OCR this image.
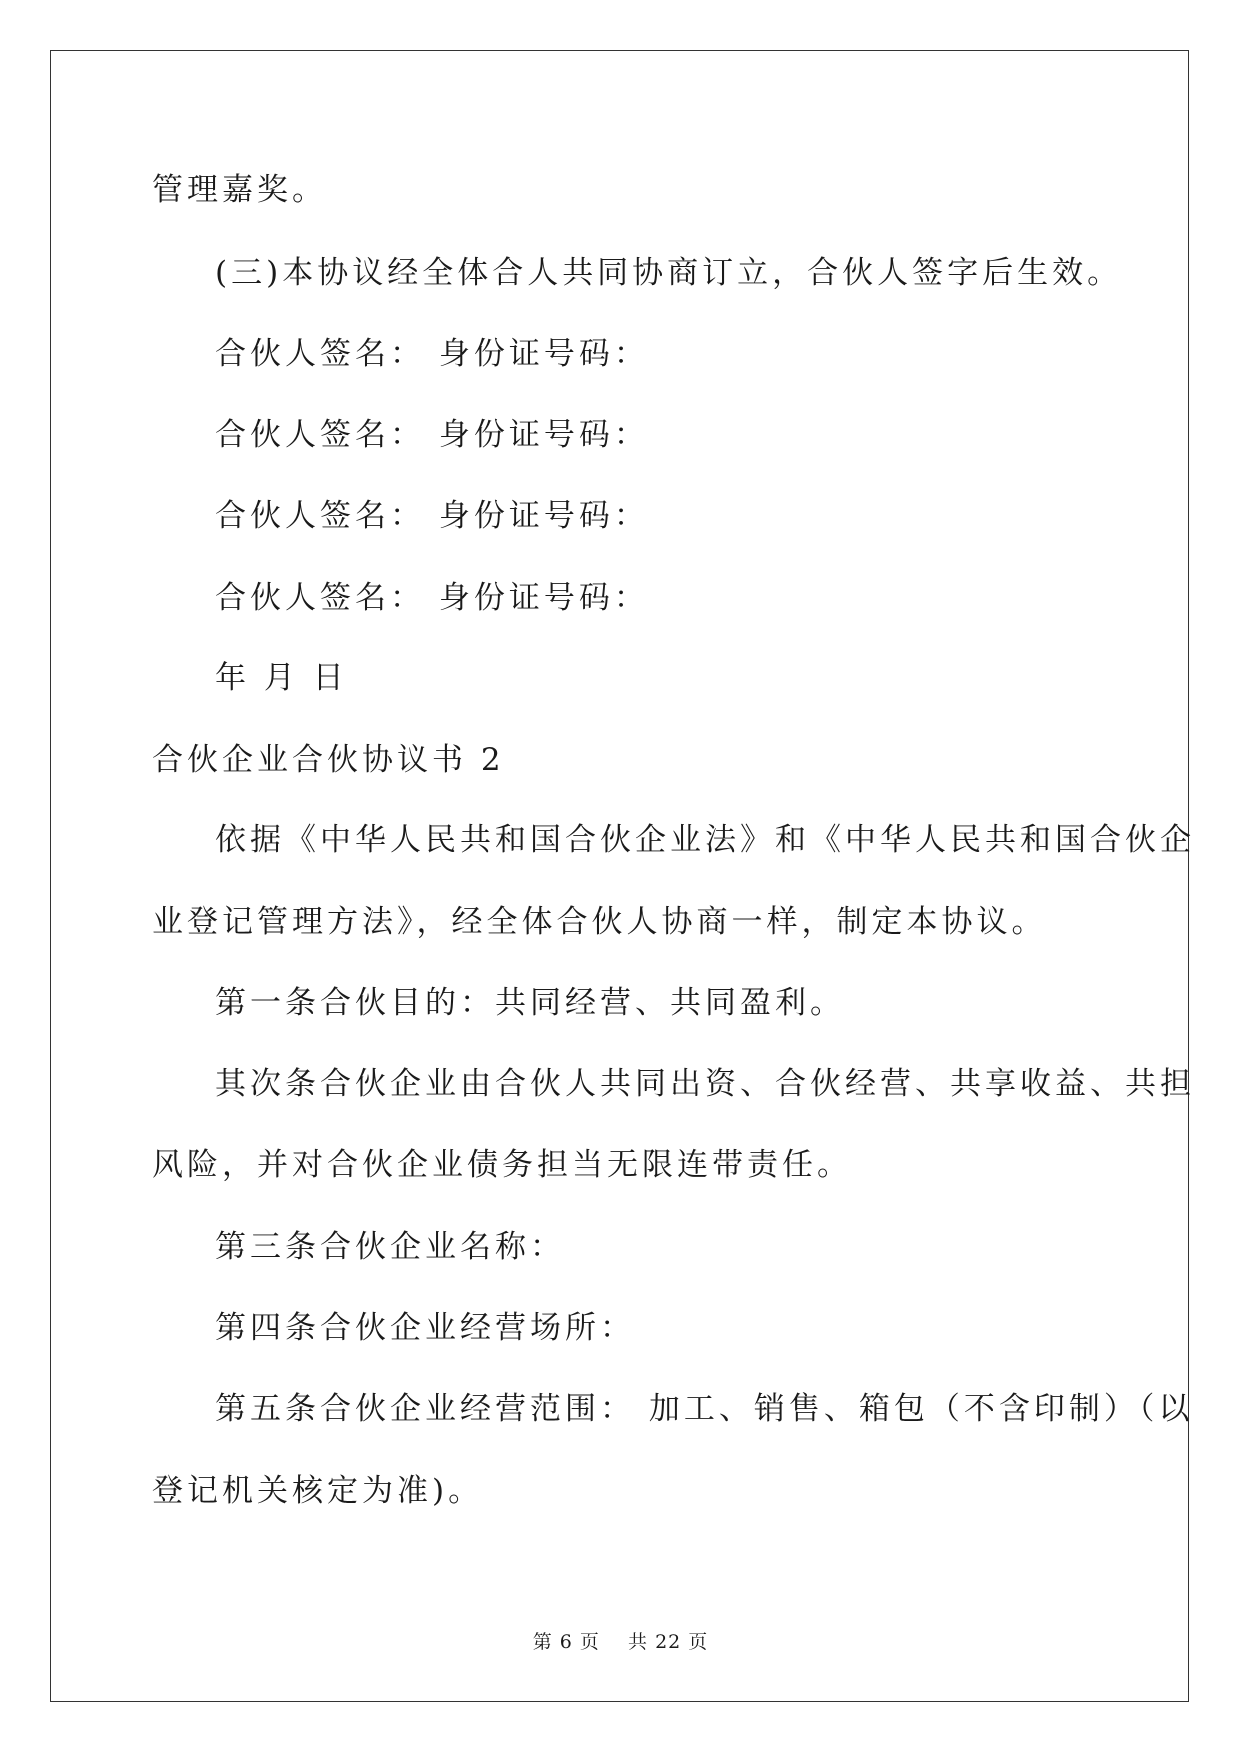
管理嘉奖。
(三)本协议经全体合人共同协商订立，合伙人签字后生效。
合伙人签名： 身份证号码：
合伙人签名： 身份证号码：
合伙人签名： 身份证号码：
合伙人签名： 身份证号码：
年 月 日
合伙企业合伙协议书 2
依据《中华人民共和国合伙企业法》和《中华人民共和国合伙企
业登记管理方法》，经全体合伙人协商一样，制定本协议。
第一条合伙目的：共同经营、共同盈利。
其次条合伙企业由合伙人共同出资、合伙经营、共享收益、共担
风险，并对合伙企业债务担当无限连带责任。
第三条合伙企业名称：
第四条合伙企业经营场所：
第五条合伙企业经营范围： 加工、销售、箱包（不含印制）（以
登记机关核定为准)。
第 6 页    共 22 页
